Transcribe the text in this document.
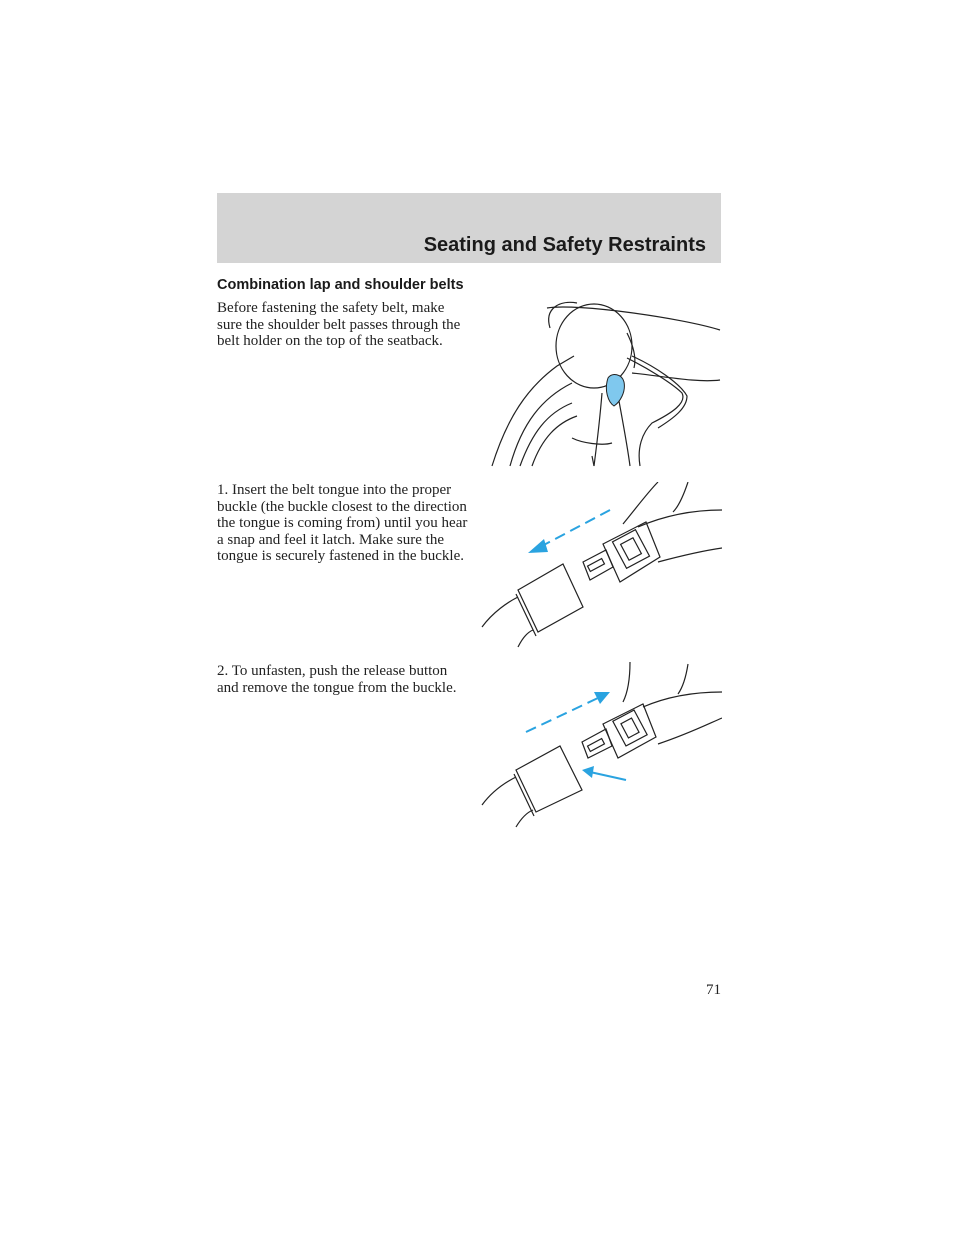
Seating and Safety Restraints
Combination lap and shoulder belts
Before fastening the safety belt, make sure the shoulder belt passes through the belt holder on the top of the seatback.
1. Insert the belt tongue into the proper buckle (the buckle closest to the direction the tongue is coming from) until you hear a snap and feel it latch. Make sure the tongue is securely fastened in the buckle.
2. To unfasten, push the release button and remove the tongue from the buckle.
71
